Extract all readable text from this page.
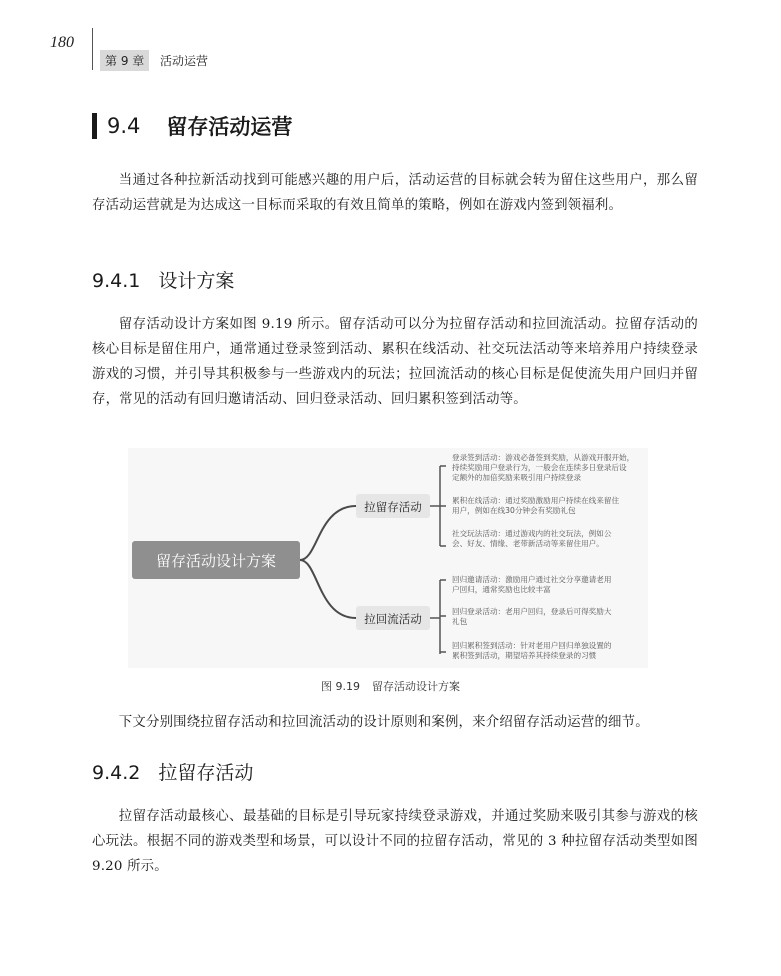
180
第 9 章	活动运营
9.4 留存活动运营

当通过各种拉新活动找到可能感兴趣的用户后，活动运营的目标就会转为留住这些用户，那么留存活动运营就是为达成这一目标而采取的有效且简单的策略，例如在游戏内签到领福利。

9.4.1 设计方案

留存活动设计方案如图 9.19 所示。留存活动可以分为拉留存活动和拉回流活动。拉留存活动的核心目标是留住用户，通常通过登录签到活动、累积在线活动、社交玩法活动等来培养用户持续登录游戏的习惯，并引导其积极参与一些游戏内的玩法；拉回流活动的核心目标是促使流失用户回归并留存，常见的活动有回归邀请活动、回归登录活动、回归累积签到活动等。

留存活动设计方案
拉留存活动
拉回流活动
登录签到活动：游戏必备签到奖励，从游戏开服开始，
持续奖励用户登录行为，一般会在连续多日登录后设
定额外的加倍奖励来吸引用户持续登录
累积在线活动：通过奖励激励用户持续在线来留住
用户，例如在线30分钟会有奖励礼包
社交玩法活动：通过游戏内的社交玩法，例如公
会、好友、情缘、老带新活动等来留住用户。
回归邀请活动：激励用户通过社交分享邀请老用
户回归，通常奖励也比较丰富
回归登录活动：老用户回归，登录后可得奖励大
礼包
回归累积签到活动：针对老用户回归单独设置的
累积签到活动，期望培养其持续登录的习惯
图 9.19 留存活动设计方案

下文分别围绕拉留存活动和拉回流活动的设计原则和案例，来介绍留存活动运营的细节。

9.4.2 拉留存活动

拉留存活动最核心、最基础的目标是引导玩家持续登录游戏，并通过奖励来吸引其参与游戏的核心玩法。根据不同的游戏类型和场景，可以设计不同的拉留存活动，常见的 3 种拉留存活动类型如图 9.20 所示。
